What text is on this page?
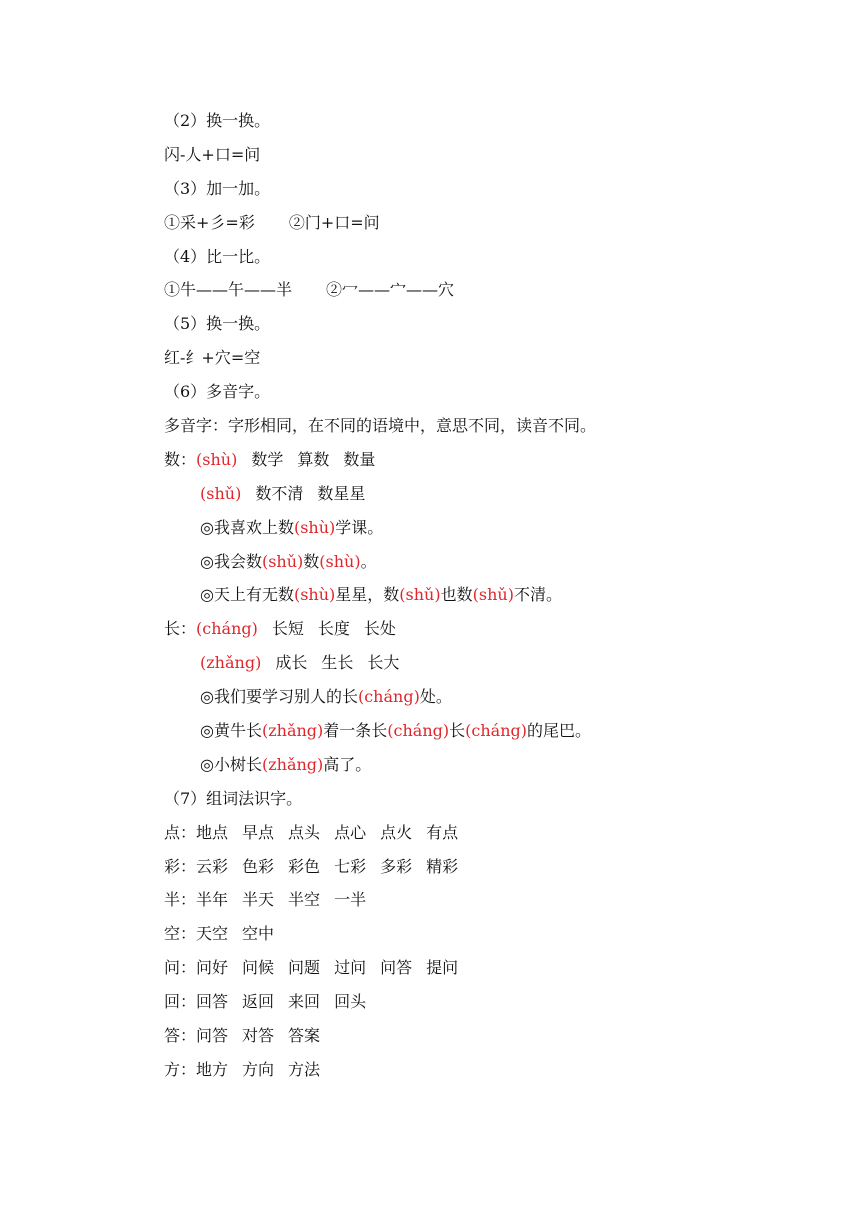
（2）换一换。
闪-人+口=问
（3）加一加。
①采+彡=彩 ②门+口=问
（4）比一比。
①牛——午——半 ②冖——宀——穴
（5）换一换。
红-纟+穴=空
（6）多音字。
多音字：字形相同，在不同的语境中，意思不同，读音不同。
数：(shù) 数学 算数 数量
(shǔ) 数不清 数星星
◎我喜欢上数(shù)学课。
◎我会数(shǔ)数(shù)。
◎天上有无数(shù)星星，数(shǔ)也数(shǔ)不清。
长：(cháng) 长短 长度 长处
(zhǎng) 成长 生长 长大
◎我们要学习别人的长(cháng)处。
◎黄牛长(zhǎng)着一条长(cháng)长(cháng)的尾巴。
◎小树长(zhǎng)高了。
（7）组词法识字。
点：地点 早点 点头 点心 点火 有点
彩：云彩 色彩 彩色 七彩 多彩 精彩
半：半年 半天 半空 一半
空：天空 空中
问：问好 问候 问题 过问 问答 提问
回：回答 返回 来回 回头
答：问答 对答 答案
方：地方 方向 方法
